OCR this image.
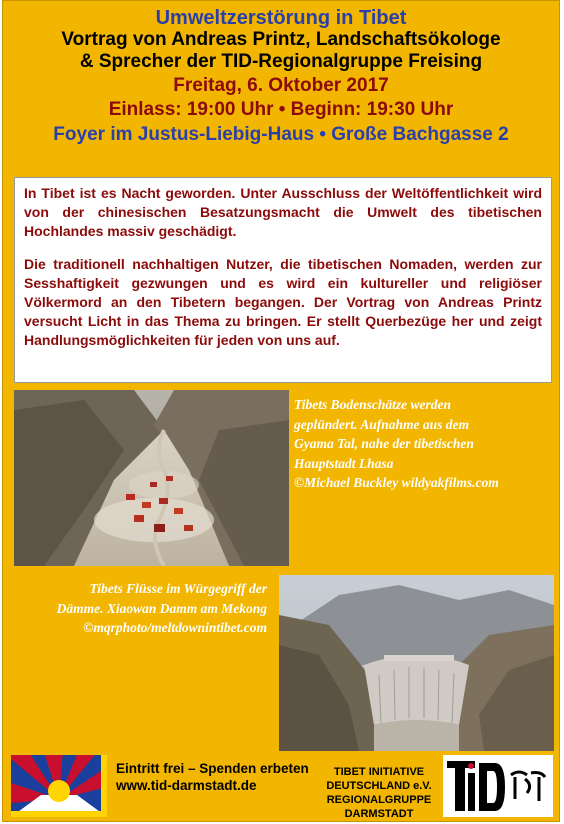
Umweltzerstörung in Tibet
Vortrag von Andreas Printz, Landschaftsökologe
& Sprecher der TID-Regionalgruppe Freising
Freitag, 6. Oktober 2017
Einlass: 19:00 Uhr • Beginn: 19:30 Uhr
Foyer im Justus-Liebig-Haus • Große Bachgasse 2

In Tibet ist es Nacht geworden. Unter Ausschluss der Weltöffentlichkeit wird von der chinesischen Besatzungsmacht die Umwelt des tibetischen Hochlandes massiv geschädigt.

Die traditionell nachhaltigen Nutzer, die tibetischen Nomaden, werden zur Sesshaftigkeit gezwungen und es wird ein kultureller und religiöser Völkermord an den Tibetern begangen. Der Vortrag von Andreas Printz versucht Licht in das Thema zu bringen. Er stellt Querbezüge her und zeigt Handlungsmöglichkeiten für jeden von uns auf.

Tibets Bodenschätze werden
geplündert. Aufnahme aus dem
Gyama Tal, nahe der tibetischen
Hauptstadt Lhasa
©Michael Buckley wildyakfilms.com
Tibets Flüsse im Würgegriff der
Dämme. Xiaowan Damm am Mekong
©mqrphoto/meltdownintibet.com
Eintritt frei – Spenden erbeten
www.tid-darmstadt.de
TIBET INITIATIVE
DEUTSCHLAND e.V.
REGIONALGRUPPE
DARMSTADT
